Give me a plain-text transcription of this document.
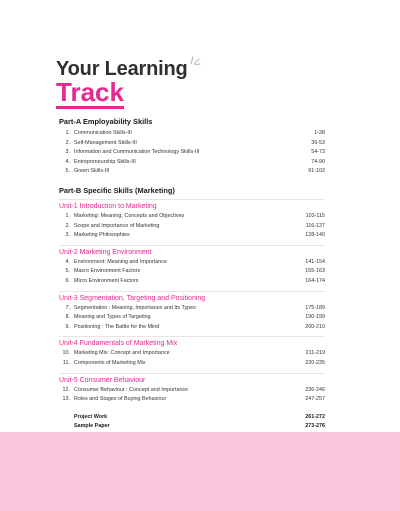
Your Learning
Track
Part-A Employability Skills
1. Communication Skills-III	1-38
2. Self-Management Skills-III	39-53
3. Information and Communication Technology Skills-III	54-73
4. Entrepreneurship Skills-III	74-90
5. Green Skills-III	91-102
Part-B Specific Skills (Marketing)
Unit-1 Introduction to Marketing
1. Marketing: Meaning, Concepts and Objectives	103-115
2. Scope and Importance of Marketing	116-127
3. Marketing Philosophies	128-140
Unit-2 Marketing Environment
4. Environment: Meaning and Importance	141-154
5. Macro Environment Factors	155-163
6. Micro Environment Factors	164-174
Unit-3 Segmentation, Targeting and Positioning
7. Segmentation : Meaning, Importance and Its Types	175-189
8. Meaning and Types of Targeting	190-199
9. Positioning : The Battle for the Mind	200-210
Unit-4 Fundamentals of Marketing Mix
10. Marketing Mix: Concept and Importance	211-219
11. Components of Marketing Mix	220-235
Unit-5 Consumer Behaviour
12. Consumer Behaviour : Concept and Importance	236-246
13. Roles and Stages of Buying Behaviour	247-257
Project Work	261-272
Sample Paper	273-276
